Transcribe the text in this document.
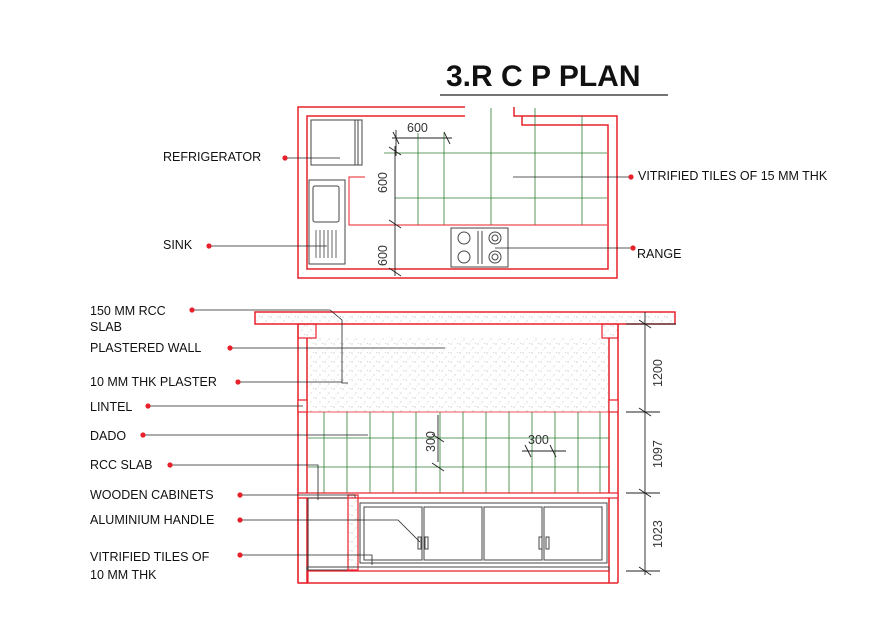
3.R C P PLAN
600
600
600
REFRIGERATOR
SINK
VITRIFIED TILES OF 15 MM THK
RANGE
300	300
1200
1097
1023
150 MM RCC
SLAB
PLASTERED WALL
10 MM THK PLASTER
LINTEL
DADO
RCC SLAB
WOODEN CABINETS
ALUMINIUM HANDLE
VITRIFIED TILES OF
10 MM THK
